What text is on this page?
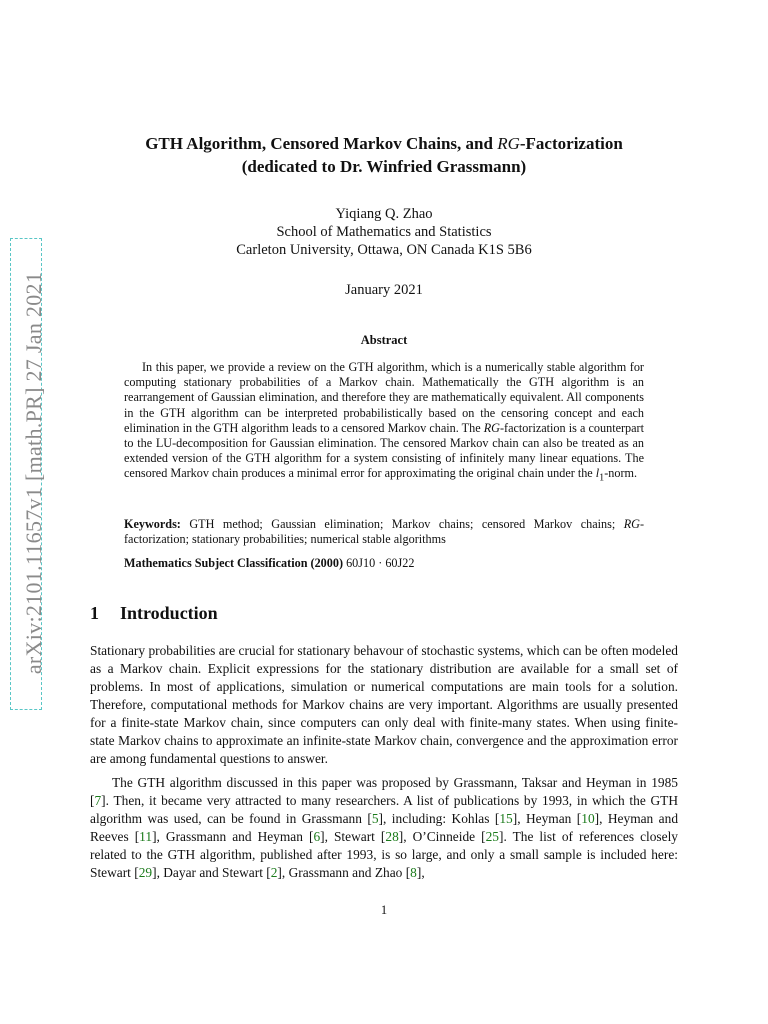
arXiv:2101.11657v1 [math.PR] 27 Jan 2021
GTH Algorithm, Censored Markov Chains, and RG-Factorization
(dedicated to Dr. Winfried Grassmann)
Yiqiang Q. Zhao
School of Mathematics and Statistics
Carleton University, Ottawa, ON Canada K1S 5B6
January 2021
Abstract
In this paper, we provide a review on the GTH algorithm, which is a numerically stable algorithm for computing stationary probabilities of a Markov chain. Mathematically the GTH algorithm is an rearrangement of Gaussian elimination, and therefore they are mathematically equivalent. All components in the GTH algorithm can be interpreted probabilistically based on the censoring concept and each elimination in the GTH algorithm leads to a censored Markov chain. The RG-factorization is a counterpart to the LU-decomposition for Gaussian elimination. The censored Markov chain can also be treated as an extended version of the GTH algorithm for a system consisting of infinitely many linear equations. The censored Markov chain produces a minimal error for approximating the original chain under the $l_1$-norm.
Keywords: GTH method; Gaussian elimination; Markov chains; censored Markov chains; RG-factorization; stationary probabilities; numerical stable algorithms
Mathematics Subject Classification (2000) 60J10 · 60J22
1 Introduction
Stationary probabilities are crucial for stationary behavour of stochastic systems, which can be often modeled as a Markov chain. Explicit expressions for the stationary distribution are available for a small set of problems. In most of applications, simulation or numerical computations are main tools for a solution. Therefore, computational methods for Markov chains are very important. Algorithms are usually presented for a finite-state Markov chain, since computers can only deal with finite-many states. When using finite-state Markov chains to approximate an infinite-state Markov chain, convergence and the approximation error are among fundamental questions to answer.
The GTH algorithm discussed in this paper was proposed by Grassmann, Taksar and Heyman in 1985 [7]. Then, it became very attracted to many researchers. A list of publications by 1993, in which the GTH algorithm was used, can be found in Grassmann [5], including: Kohlas [15], Heyman [10], Heyman and Reeves [11], Grassmann and Heyman [6], Stewart [28], O’Cinneide [25]. The list of references closely related to the GTH algorithm, published after 1993, is so large, and only a small sample is included here: Stewart [29], Dayar and Stewart [2], Grassmann and Zhao [8],
1
